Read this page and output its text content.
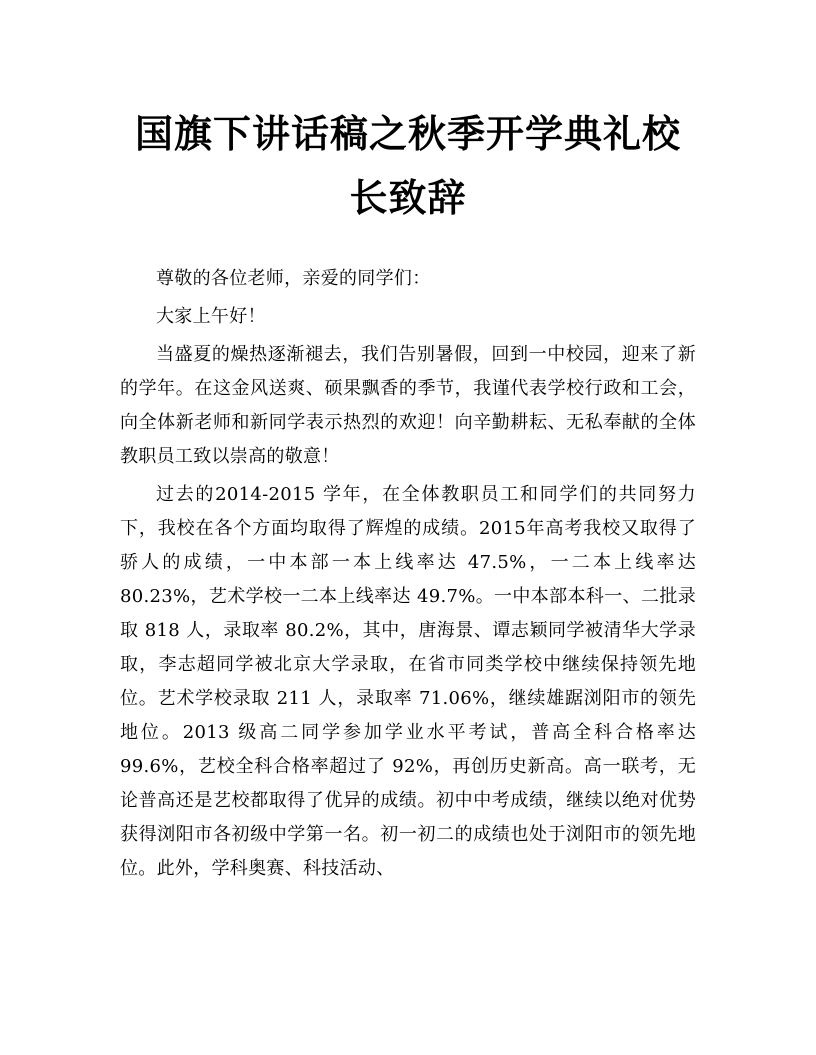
国旗下讲话稿之秋季开学典礼校长致辞

尊敬的各位老师，亲爱的同学们：

大家上午好！

当盛夏的燥热逐渐褪去，我们告别暑假，回到一中校园，迎来了新的学年。在这金风送爽、硕果飘香的季节，我谨代表学校行政和工会，向全体新老师和新同学表示热烈的欢迎！向辛勤耕耘、无私奉献的全体教职员工致以崇高的敬意！

过去的2014-2015 学年，在全体教职员工和同学们的共同努力下，我校在各个方面均取得了辉煌的成绩。2015年高考我校又取得了骄人的成绩，一中本部一本上线率达 47.5%，一二本上线率达 80.23%，艺术学校一二本上线率达 49.7%。一中本部本科一、二批录取 818 人，录取率 80.2%，其中，唐海景、谭志颖同学被清华大学录取，李志超同学被北京大学录取，在省市同类学校中继续保持领先地位。艺术学校录取 211 人，录取率 71.06%，继续雄踞浏阳市的领先地位。2013 级高二同学参加学业水平考试，普高全科合格率达 99.6%，艺校全科合格率超过了 92%，再创历史新高。高一联考，无论普高还是艺校都取得了优异的成绩。初中中考成绩，继续以绝对优势获得浏阳市各初级中学第一名。初一初二的成绩也处于浏阳市的领先地位。此外，学科奥赛、科技活动、
